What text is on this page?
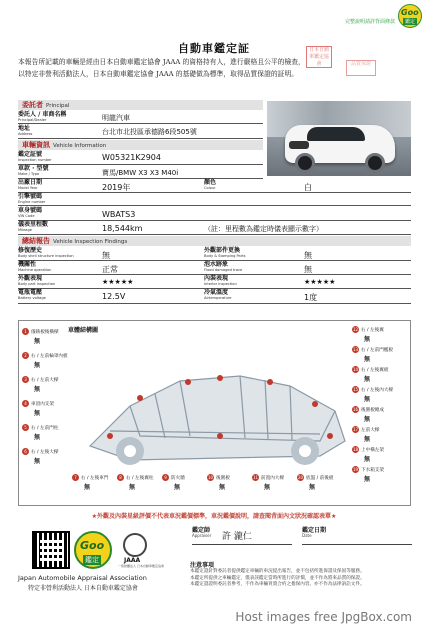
完整說明請詳背面條款
Goo
鑑定
自動車鑑定証	日本自動車鑑定協會	品質保證
本報告所記載的車輛是經由日本自動車鑑定協會 JAAA 的資格持有人，進行嚴格且公平的檢查，
以特定非營利活動法人，日本自動車鑑定協會 JAAA 的基礎做為標準，取得品質保證的証明。
委託者 Principal
委託人 / 車商名稱
Principal/Dealer	明龍汽車
地址
Address	台北市北投區承德路6段505號
車輛資訊 Vehicle Information
鑑定証號
Inspection number	W05321K2904
車款 · 型號
Make / Type	寶馬/BMW X3 X3 M40i
出廠日期
Model Year	2019年
顏色
Colour	白
引擎號碼
Engine number
車身號碼
VIN Code	WBATS3
儀表里程數
Mileage	18,544km	（註：里程數為鑑定時儀表顯示數字）
總結報告 Vehicle Inspection Findings
修復歷史
Body shell structure inspection	無
外觀部件更換
Body & Stamping Parts	無
機關性
Machine operation	正常
泡水跡象
Flood damaged trace	無
外觀表現
Body part inspection	★★★★★	內裝表現
Interior inspection	★★★★★
電瓶電壓
Battery voltage	12.5V	冷氣溫度
Airtemperature	1度
車體結構圖
★外觀及內裝星級評價不代表車況鑑價標準，車況鑑價說明，請查閱背面內文狀況確認表單★
鑑定師
Appraiser 許 瀧仁
鑑定日期
Date
Goo
鑑定	JAAA
一般財團法人 日本自動車鑑定協會
Japan Automobile Appraisal Association
特定非營利活動法人 日本自動車鑑定協會
注意事項
本鑑定證針對委託者提供鑑定車輛的車況提出報告，並不包括所進保證及保固等服務。
本鑑定所提供之車輛鑑定，僅表該鑑定當時所進行的評價，並不作為將來品質的保證。
本鑑定證證明委託者參考，不作為車輛買賣合約之擔保內容，亦不作為法律訴訟文件。
Host images free JpgBox.com
1 儀錶板後橫樑
無
2 右 / 左前輪罩內板
無
3 右 / 左前大樑
無
4 車頂內支架
無
5 右 / 左前門柱
無
6 右 / 左後大樑
無
12 右 / 左後翼
無
13 右 / 左前門檻板
無
14 右 / 左後翼板
無
15 右 / 左後內大樑
無
16 後圍板總成
無
17 左前大樑
無
18 上中橫左架
無
19 下水箱支架
無
7 右 / 左後車門
無
8 右 / 左後翼柱
無
9 防火牆
無
10 後圍板
無
11 前置內大樑
無
20 底盤 / 前後板
無
